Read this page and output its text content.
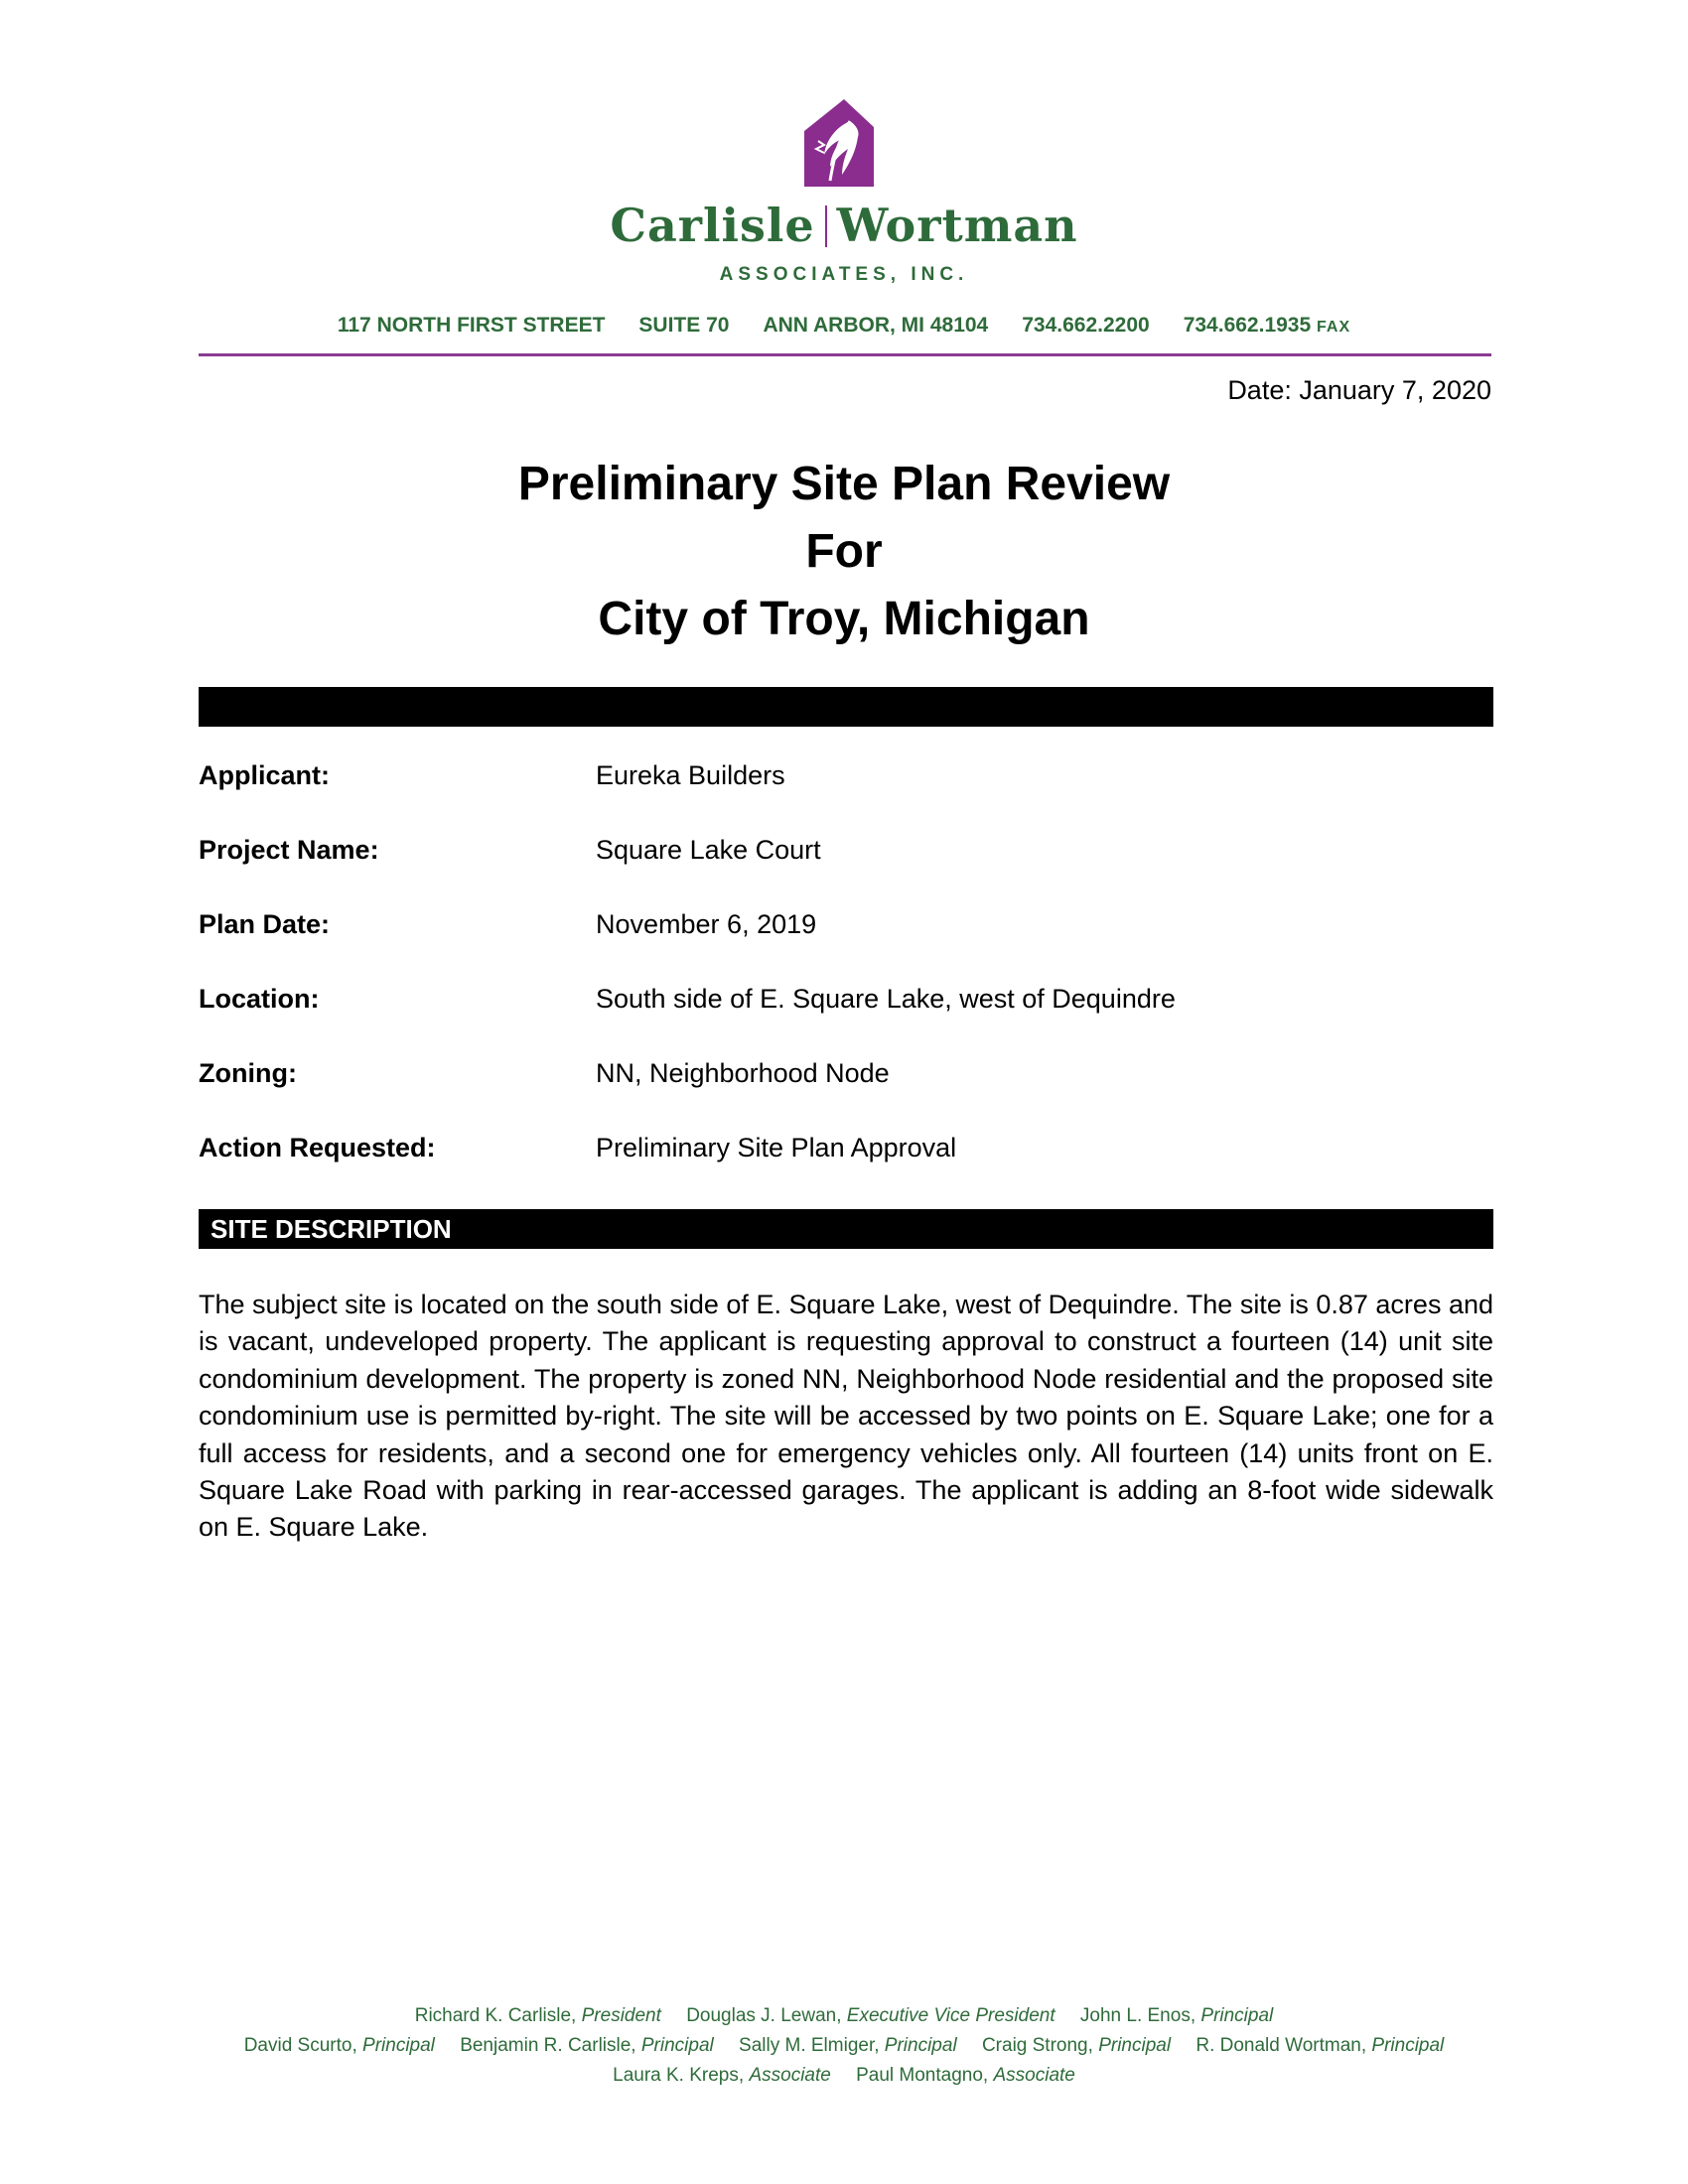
Carlisle Wortman
ASSOCIATES, INC.
117 NORTH FIRST STREET SUITE 70 ANN ARBOR, MI 48104 734.662.2200 734.662.1935 FAX
Date: January 7, 2020
Preliminary Site Plan Review
For
City of Troy, Michigan
Applicant:	Eureka Builders
Project Name:	Square Lake Court
Plan Date:	November 6, 2019
Location:	South side of E. Square Lake, west of Dequindre
Zoning:	NN, Neighborhood Node
Action Requested:	Preliminary Site Plan Approval
SITE DESCRIPTION
The subject site is located on the south side of E. Square Lake, west of Dequindre. The site is 0.87 acres and is vacant, undeveloped property. The applicant is requesting approval to construct a fourteen (14) unit site condominium development. The property is zoned NN, Neighborhood Node residential and the proposed site condominium use is permitted by-right. The site will be accessed by two points on E. Square Lake; one for a full access for residents, and a second one for emergency vehicles only. All fourteen (14) units front on E. Square Lake Road with parking in rear-accessed garages. The applicant is adding an 8-foot wide sidewalk on E. Square Lake.
Richard K. Carlisle, President Douglas J. Lewan, Executive Vice President John L. Enos, Principal
David Scurto, Principal Benjamin R. Carlisle, Principal Sally M. Elmiger, Principal Craig Strong, Principal R. Donald Wortman, Principal
Laura K. Kreps, Associate Paul Montagno, Associate
